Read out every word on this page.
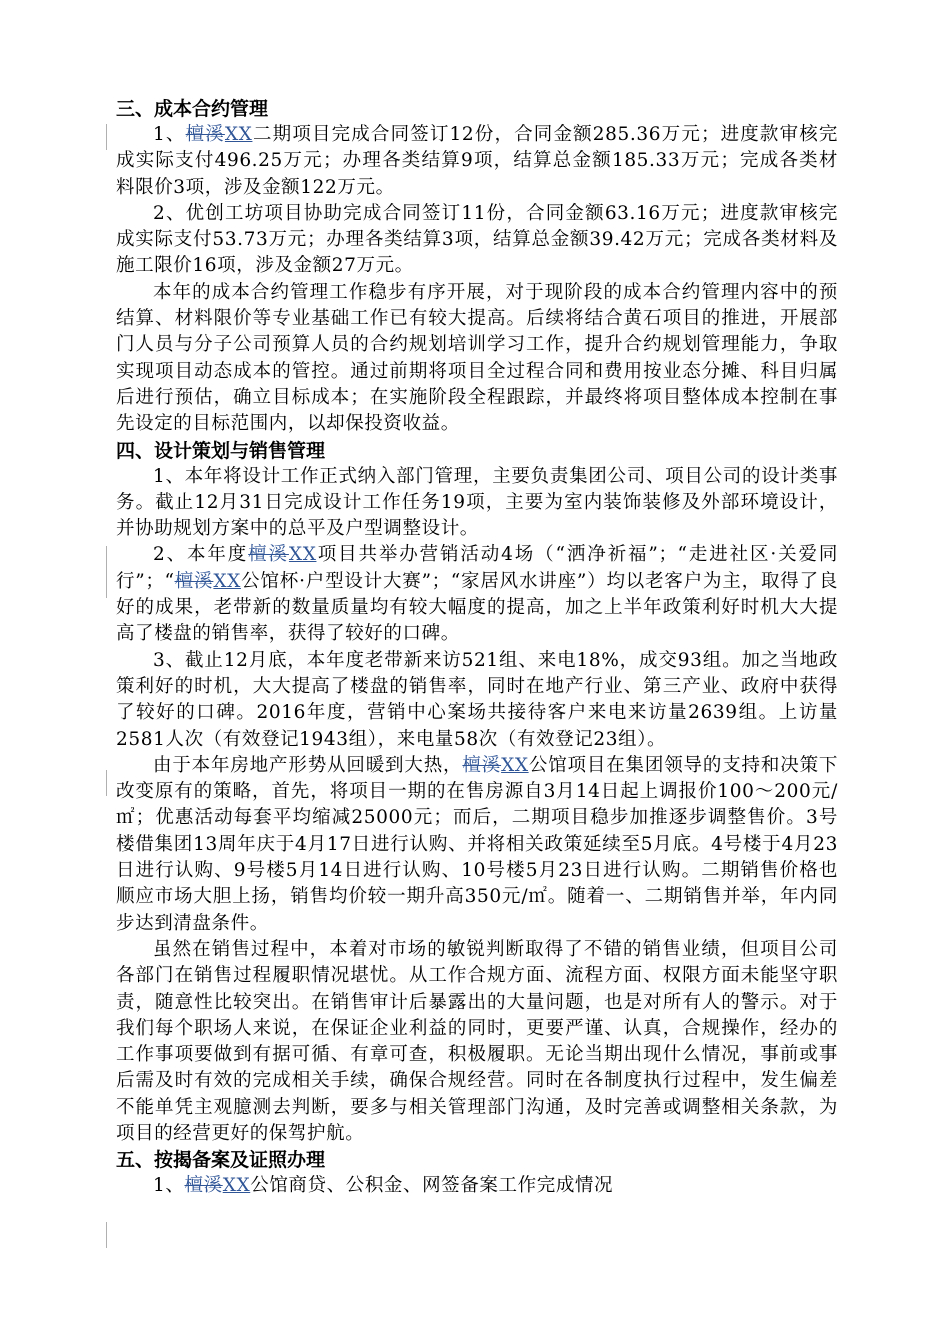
三、成本合约管理

1、檀溪XX二期项目完成合同签订12份，合同金额285.36万元；进度款审核完成实际支付496.25万元；办理各类结算9项，结算总金额185.33万元；完成各类材料限价3项，涉及金额122万元。

2、优创工坊项目协助完成合同签订11份，合同金额63.16万元；进度款审核完成实际支付53.73万元；办理各类结算3项，结算总金额39.42万元；完成各类材料及施工限价16项，涉及金额27万元。

本年的成本合约管理工作稳步有序开展，对于现阶段的成本合约管理内容中的预结算、材料限价等专业基础工作已有较大提高。后续将结合黄石项目的推进，开展部门人员与分子公司预算人员的合约规划培训学习工作，提升合约规划管理能力，争取实现项目动态成本的管控。通过前期将项目全过程合同和费用按业态分摊、科目归属后进行预估，确立目标成本；在实施阶段全程跟踪，并最终将项目整体成本控制在事先设定的目标范围内，以却保投资收益。

四、设计策划与销售管理

1、本年将设计工作正式纳入部门管理，主要负责集团公司、项目公司的设计类事务。截止12月31日完成设计工作任务19项，主要为室内装饰装修及外部环境设计，并协助规划方案中的总平及户型调整设计。

2、本年度檀溪XX项目共举办营销活动4场（“洒净祈福”；“走进社区·关爱同行”；“檀溪XX公馆杯·户型设计大赛”；“家居风水讲座”）均以老客户为主，取得了良好的成果，老带新的数量质量均有较大幅度的提高，加之上半年政策利好时机大大提高了楼盘的销售率，获得了较好的口碑。

3、截止12月底，本年度老带新来访521组、来电18%，成交93组。加之当地政策利好的时机，大大提高了楼盘的销售率，同时在地产行业、第三产业、政府中获得了较好的口碑。2016年度，营销中心案场共接待客户来电来访量2639组。上访量2581人次（有效登记1943组），来电量58次（有效登记23组）。

由于本年房地产形势从回暖到大热，檀溪XX公馆项目在集团领导的支持和决策下改变原有的策略，首先，将项目一期的在售房源自3月14日起上调报价100～200元/㎡；优惠活动每套平均缩减25000元；而后，二期项目稳步加推逐步调整售价。3号楼借集团13周年庆于4月17日进行认购、并将相关政策延续至5月底。4号楼于4月23日进行认购、9号楼5月14日进行认购、10号楼5月23日进行认购。二期销售价格也顺应市场大胆上扬，销售均价较一期升高350元/㎡。随着一、二期销售并举，年内同步达到清盘条件。

虽然在销售过程中，本着对市场的敏锐判断取得了不错的销售业绩，但项目公司各部门在销售过程履职情况堪忧。从工作合规方面、流程方面、权限方面未能坚守职责，随意性比较突出。在销售审计后暴露出的大量问题，也是对所有人的警示。对于我们每个职场人来说，在保证企业利益的同时，更要严谨、认真，合规操作，经办的工作事项要做到有据可循、有章可查，积极履职。无论当期出现什么情况，事前或事后需及时有效的完成相关手续，确保合规经营。同时在各制度执行过程中，发生偏差不能单凭主观臆测去判断，要多与相关管理部门沟通，及时完善或调整相关条款，为项目的经营更好的保驾护航。

五、按揭备案及证照办理

1、檀溪XX公馆商贷、公积金、网签备案工作完成情况
